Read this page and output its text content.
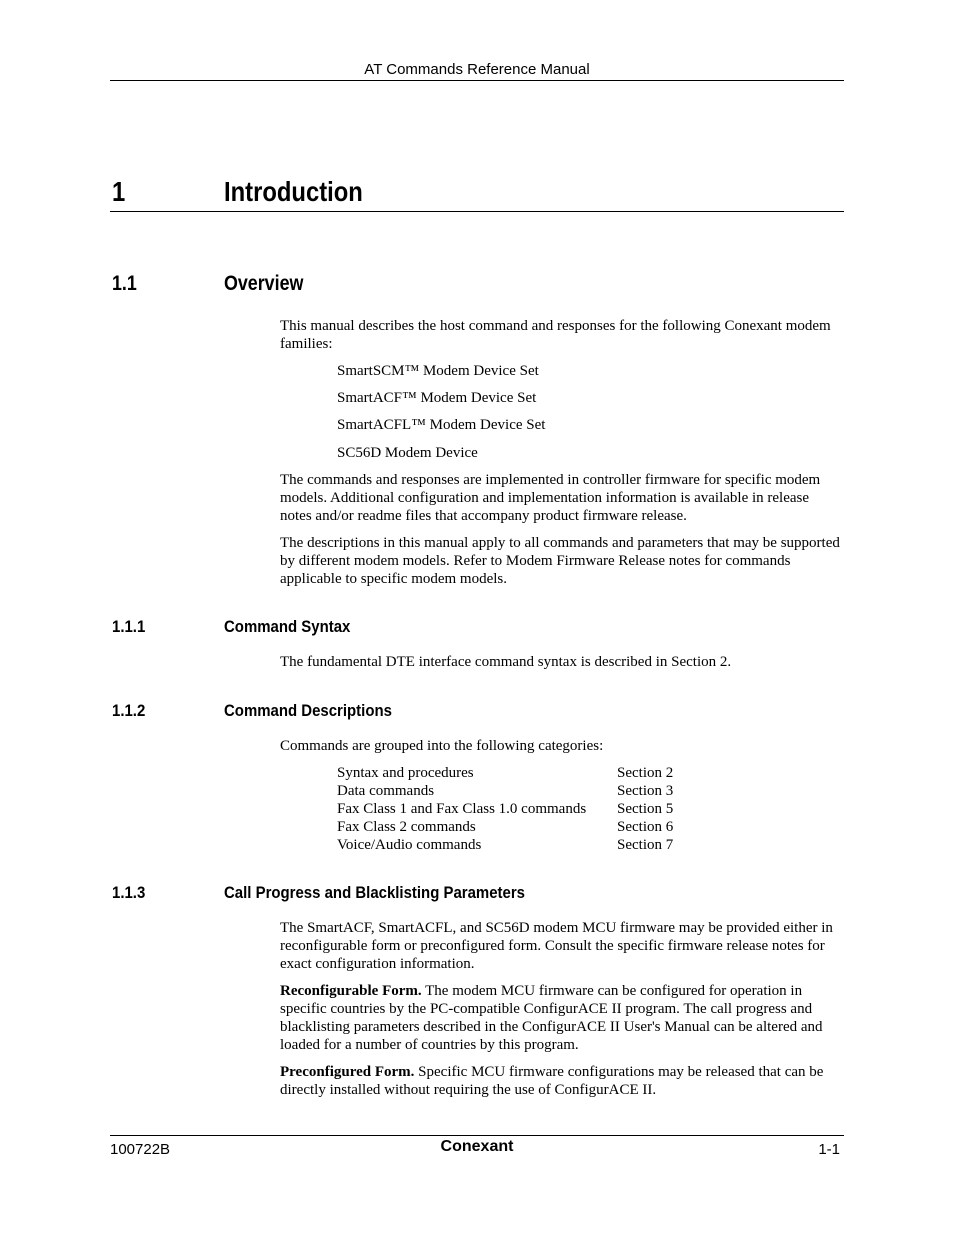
AT Commands Reference Manual
1	Introduction
1.1	Overview
This manual describes the host command and responses for the following Conexant modem families:
SmartSCM™ Modem Device Set
SmartACF™ Modem Device Set
SmartACFL™ Modem Device Set
SC56D Modem Device
The commands and responses are implemented in controller firmware for specific modem models. Additional configuration and implementation information is available in release notes and/or readme files that accompany product firmware release.
The descriptions in this manual apply to all commands and parameters that may be supported by different modem models. Refer to Modem Firmware Release notes for commands applicable to specific modem models.
1.1.1	Command Syntax
The fundamental DTE interface command syntax is described in Section 2.
1.1.2	Command Descriptions
Commands are grouped into the following categories:
Syntax and procedures	Section 2
Data commands	Section 3
Fax Class 1 and Fax Class 1.0 commands Section 5
Fax Class 2 commands	Section 6
Voice/Audio commands	Section 7
1.1.3	Call Progress and Blacklisting Parameters
The SmartACF, SmartACFL, and SC56D modem MCU firmware may be provided either in reconfigurable form or preconfigured form. Consult the specific firmware release notes for exact configuration information.
Reconfigurable Form. The modem MCU firmware can be configured for operation in specific countries by the PC-compatible ConfigurACE II program. The call progress and blacklisting parameters described in the ConfigurACE II User's Manual can be altered and loaded for a number of countries by this program.
Preconfigured Form. Specific MCU firmware configurations may be released that can be directly installed without requiring the use of ConfigurACE II.
100722B	Conexant	1-1
